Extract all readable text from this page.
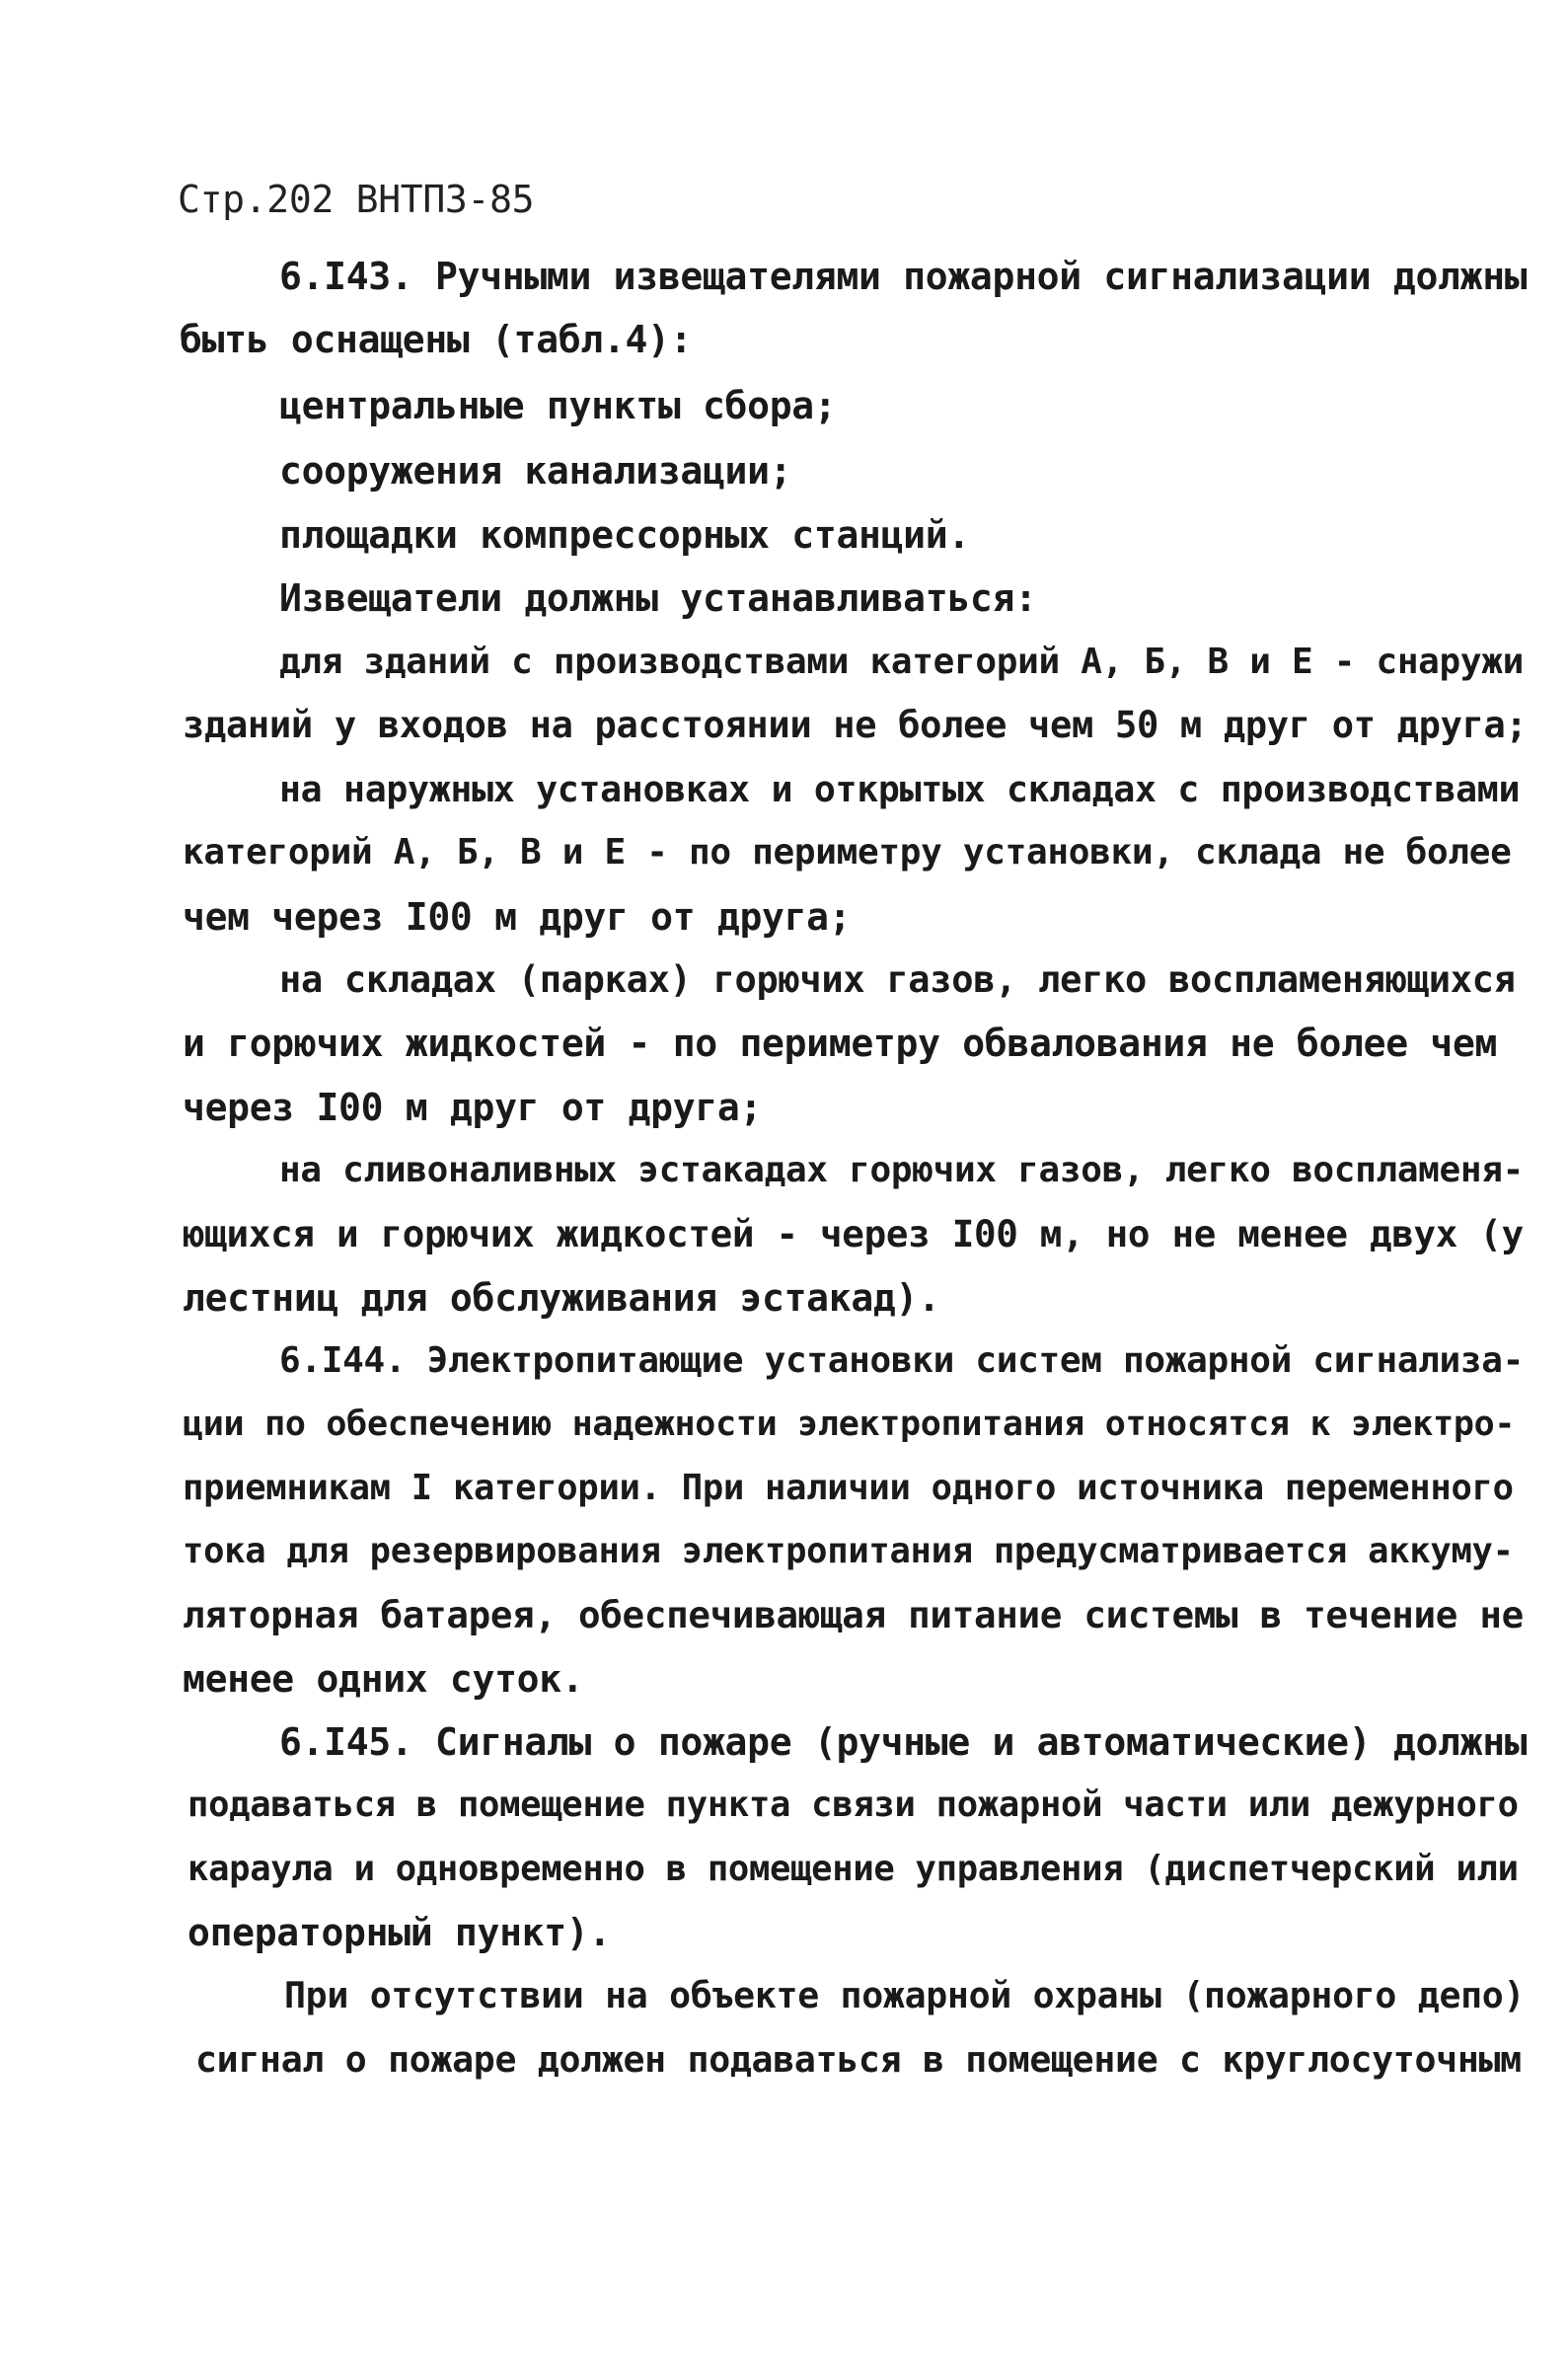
Стр.202 ВНТПЗ-85
6.I43. Ручными извещателями пожарной сигнализации должны
быть оснащены (табл.4):
центральные пункты сбора;
сооружения канализации;
площадки компрессорных станций.
Извещатели должны устанавливаться:
для зданий с производствами категорий А, Б, В и Е - снаружи
зданий у входов на расстоянии не более чем 50 м друг от друга;
на наружных установках и открытых складах с производствами
категорий А, Б, В и Е - по периметру установки, склада не более
чем через I00 м друг от друга;
на складах (парках) горючих газов, легко воспламеняющихся
и горючих жидкостей - по периметру обвалования не более чем
через I00 м друг от друга;
на сливоналивных эстакадах горючих газов, легко воспламеня-
ющихся и горючих жидкостей - через I00 м, но не менее двух (у
лестниц для обслуживания эстакад).
6.I44. Электропитающие установки систем пожарной сигнализа-
ции по обеспечению надежности электропитания относятся к электро-
приемникам I категории. При наличии одного источника переменного
тока для резервирования электропитания предусматривается аккуму-
ляторная батарея, обеспечивающая питание системы в течение не
менее одних суток.
6.I45. Сигналы о пожаре (ручные и автоматические) должны
подаваться в помещение пункта связи пожарной части или дежурного
караула и одновременно в помещение управления (диспетчерский или
операторный пункт).
При отсутствии на объекте пожарной охраны (пожарного депо)
сигнал о пожаре должен подаваться в помещение с круглосуточным
